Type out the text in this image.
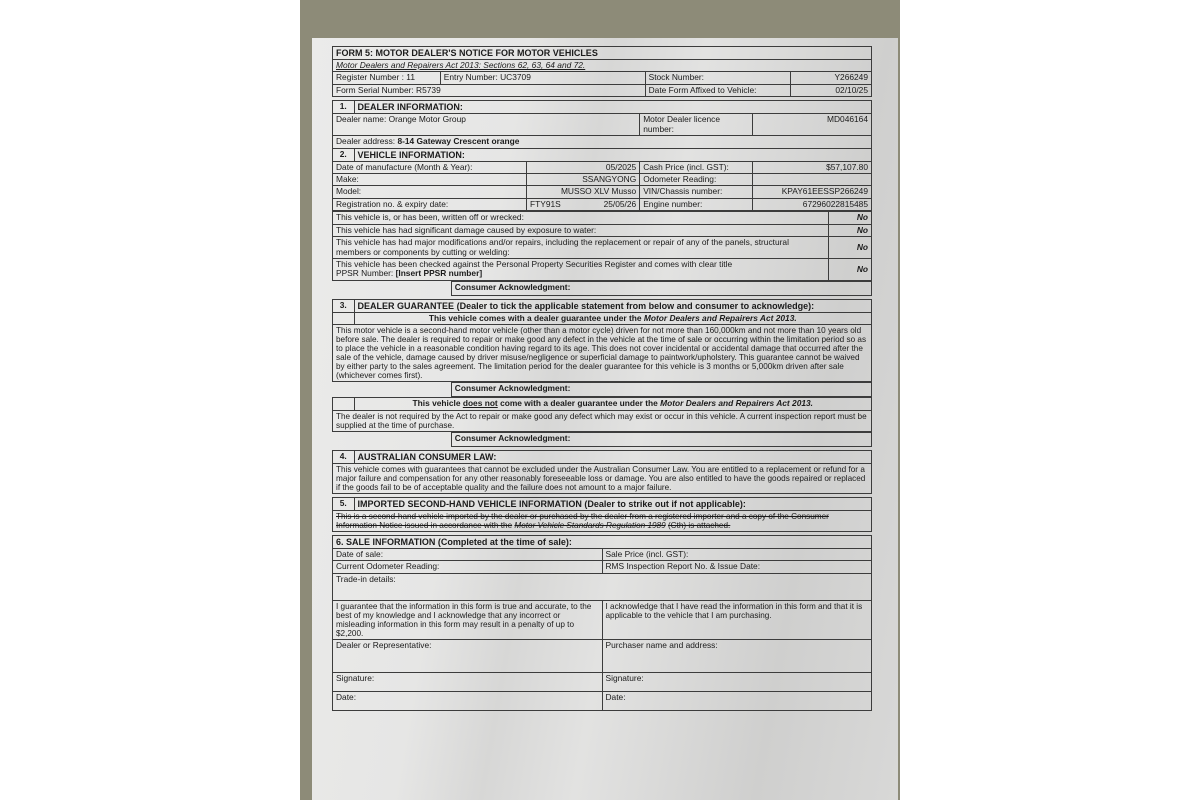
FORM 5: MOTOR DEALER'S NOTICE FOR MOTOR VEHICLES			
Motor Dealers and Repairers Act 2013: Sections 62, 63, 64 and 72.			
Register Number : 11	Entry Number: UC3709	Stock Number:	Y266249
Form Serial Number: R5739		Date Form Affixed to Vehicle:	02/10/25
1.	DEALER INFORMATION:			
Dealer name: Orange Motor Group			Motor Dealer licence number:	MD046164
Dealer address: 8-14 Gateway Crescent orange				
2.	VEHICLE INFORMATION:			
Date of manufacture (Month & Year):		05/2025	Cash Price (incl. GST):	$57,107.80
Make:		SSANGYONG	Odometer Reading:	
Model:		MUSSO XLV Musso	VIN/Chassis number:	KPAY61EESSP266249
Registration no. & expiry date:		FTY91S 25/05/26	Engine number:	67296022815485
This vehicle is, or has been, written off or wrecked:	No
This vehicle has had significant damage caused by exposure to water:	No
This vehicle has had major modifications and/or repairs, including the replacement or repair of any of the panels, structural members or components by cutting or welding:	No
This vehicle has been checked against the Personal Property Securities Register and comes with clear title
PPSR Number: [Insert PPSR number]	No
Consumer Acknowledgment:
3.	DEALER GUARANTEE (Dealer to tick the applicable statement from below and consumer to acknowledge):
	This vehicle comes with a dealer guarantee under the Motor Dealers and Repairers Act 2013.
This motor vehicle is a second-hand motor vehicle (other than a motor cycle) driven for not more than 160,000km and not more than 10 years old before sale. The dealer is required to repair or make good any defect in the vehicle at the time of sale or occurring within the limitation period so as to place the vehicle in a reasonable condition having regard to its age. This does not cover incidental or accidental damage that occurred after the sale of the vehicle, damage caused by driver misuse/negligence or superficial damage to paintwork/upholstery. This guarantee cannot be waived by either party to the sales agreement. The limitation period for the dealer guarantee for this vehicle is 3 months or 5,000km driven after sale (whichever comes first).	
Consumer Acknowledgment:
	This vehicle does not come with a dealer guarantee under the Motor Dealers and Repairers Act 2013.
The dealer is not required by the Act to repair or make good any defect which may exist or occur in this vehicle. A current inspection report must be supplied at the time of purchase.
Consumer Acknowledgment:
4.	AUSTRALIAN CONSUMER LAW:
This vehicle comes with guarantees that cannot be excluded under the Australian Consumer Law. You are entitled to a replacement or refund for a major failure and compensation for any other reasonably foreseeable loss or damage. You are also entitled to have the goods repaired or replaced if the goods fail to be of acceptable quality and the failure does not amount to a major failure.
5.	IMPORTED SECOND-HAND VEHICLE INFORMATION (Dealer to strike out if not applicable):
This is a second-hand vehicle imported by the dealer or purchased by the dealer from a registered importer and a copy of the Consumer Information Notice issued in accordance with the Motor Vehicle Standards Regulation 1989 (Cth) is attached.
6. SALE INFORMATION (Completed at the time of sale):	
Date of sale:	Sale Price (incl. GST):
Current Odometer Reading:	RMS Inspection Report No. & Issue Date:
Trade-in details:	
I guarantee that the information in this form is true and accurate, to the best of my knowledge and I acknowledge that any incorrect or misleading information in this form may result in a penalty of up to $2,200.	I acknowledge that I have read the information in this form and that it is applicable to the vehicle that I am purchasing.
Dealer or Representative:	Purchaser name and address:
Signature:	Signature:
Date:	Date:
